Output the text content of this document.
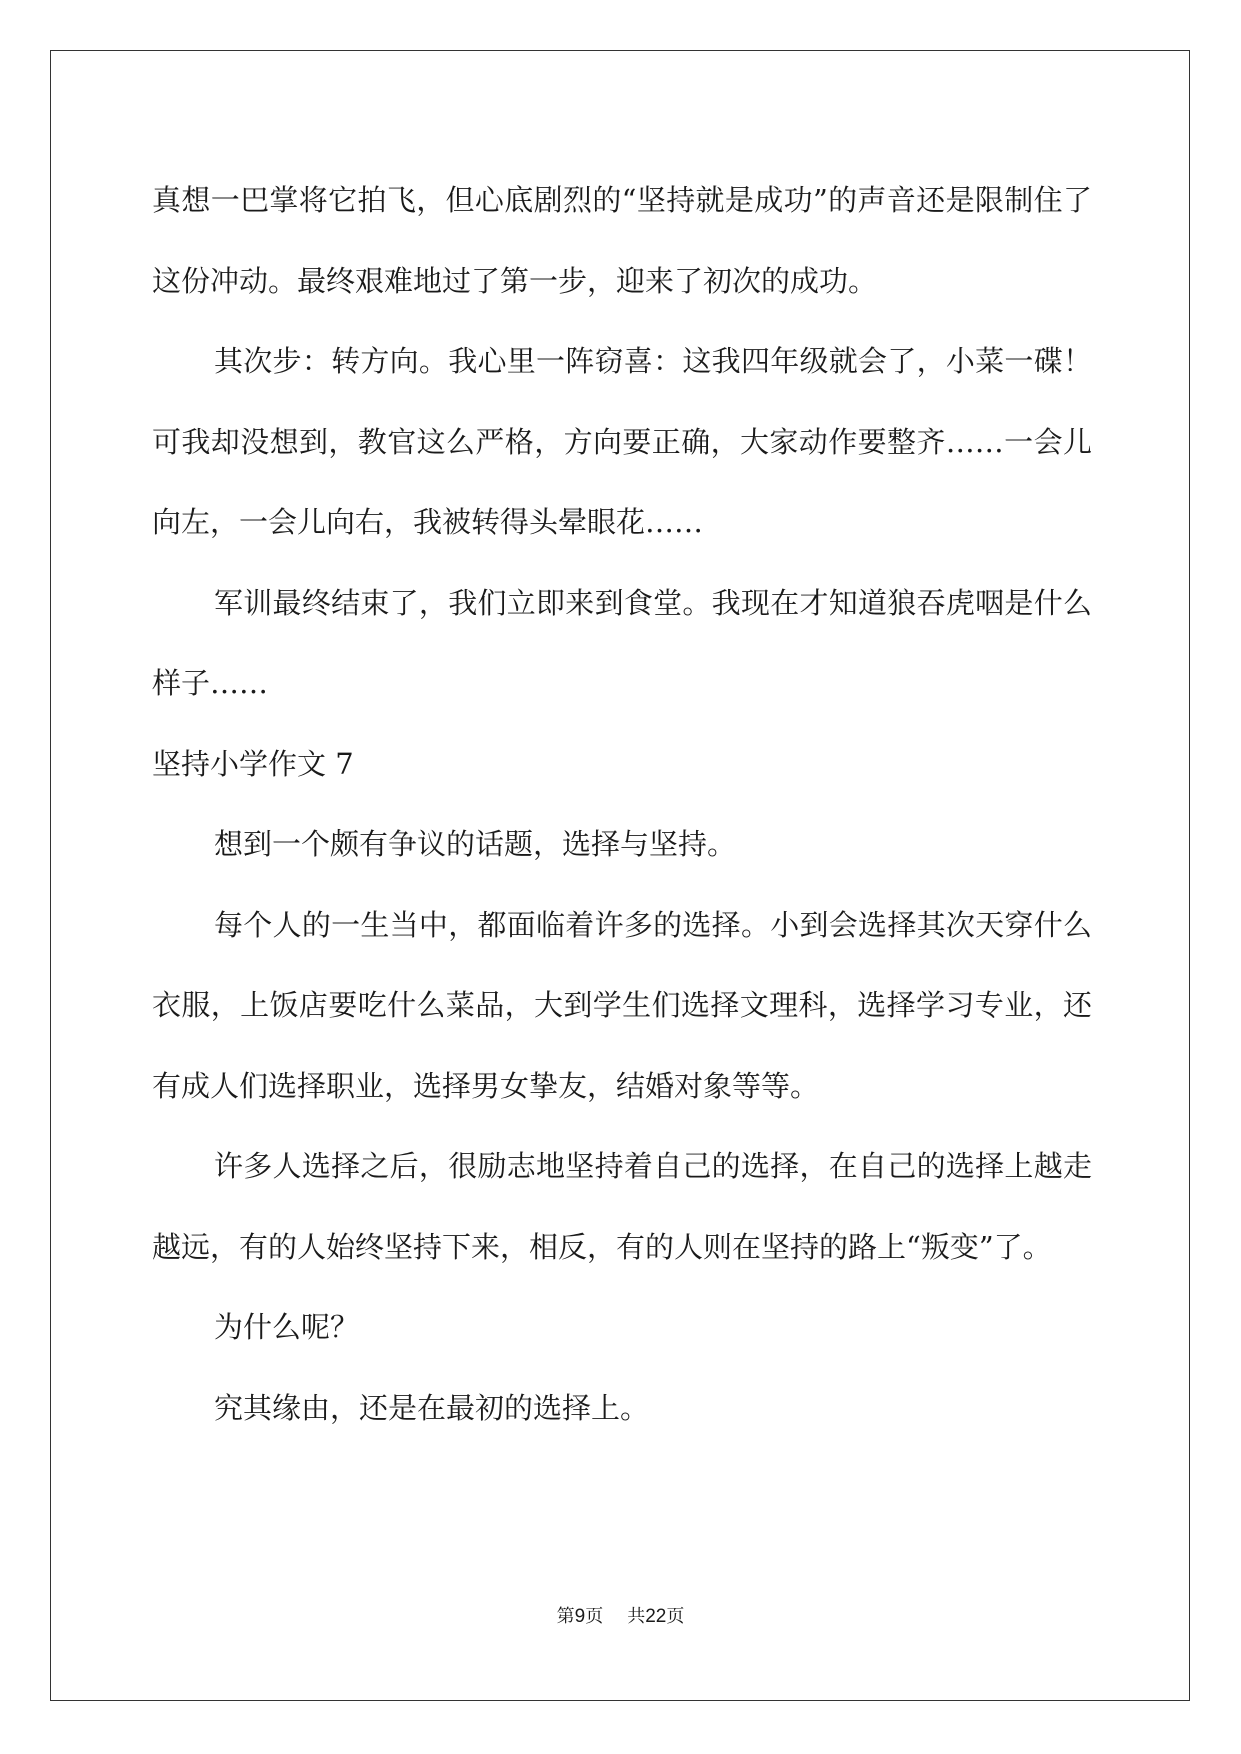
真想一巴掌将它拍飞，但心底剧烈的“坚持就是成功”的声音还是限制住了这份冲动。最终艰难地过了第一步，迎来了初次的成功。

其次步：转方向。我心里一阵窃喜：这我四年级就会了，小菜一碟！可我却没想到，教官这么严格，方向要正确，大家动作要整齐……一会儿向左，一会儿向右，我被转得头晕眼花……

军训最终结束了，我们立即来到食堂。我现在才知道狼吞虎咽是什么样子……

坚持小学作文 7

想到一个颇有争议的话题，选择与坚持。

每个人的一生当中，都面临着许多的选择。小到会选择其次天穿什么衣服，上饭店要吃什么菜品，大到学生们选择文理科，选择学习专业，还有成人们选择职业，选择男女挚友，结婚对象等等。

许多人选择之后，很励志地坚持着自己的选择，在自己的选择上越走越远，有的人始终坚持下来，相反，有的人则在坚持的路上“叛变”了。

为什么呢？

究其缘由，还是在最初的选择上。

第9页 共22页
